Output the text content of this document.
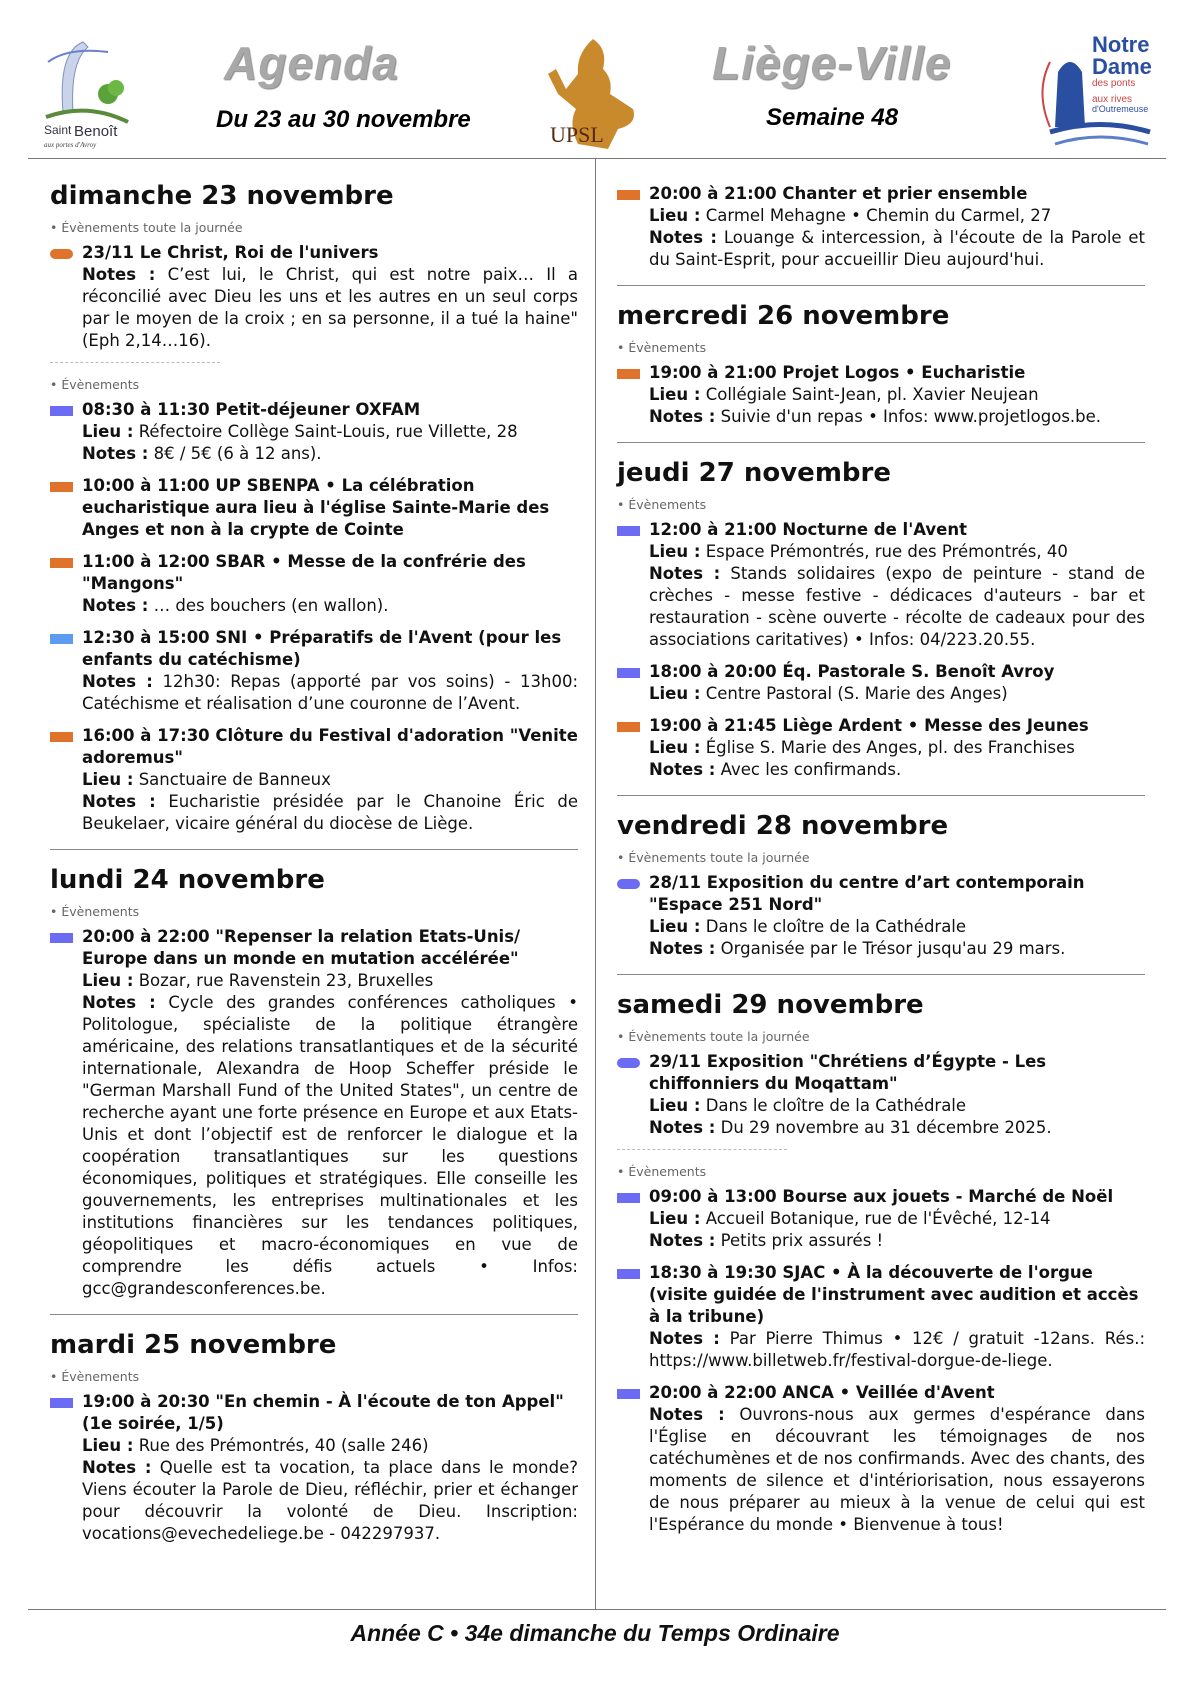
Saint Benoît
aux portes d'Avroy
Agenda
Du 23 au 30 novembre
UPSL
Liège-Ville
Semaine 48
Notre
Dame
des ponts
aux rives
d'Outremeuse
dimanche 23 novembre
• Évènements toute la journée
23/11 Le Christ, Roi de l'univers
Notes : C’est lui, le Christ, qui est notre paix… Il a réconcilié avec Dieu les uns et les autres en un seul corps par le moyen de la croix ; en sa personne, il a tué la haine" (Eph 2,14…16).
• Évènements
08:30 à 11:30 Petit-déjeuner OXFAM
Lieu : Réfectoire Collège Saint-Louis, rue Villette, 28
Notes : 8€ / 5€ (6 à 12 ans).
10:00 à 11:00 UP SBENPA • La célébration eucharistique aura lieu à l'église Sainte-Marie des Anges et non à la crypte de Cointe
11:00 à 12:00 SBAR • Messe de la confrérie des "Mangons"
Notes : … des bouchers (en wallon).
12:30 à 15:00 SNI • Préparatifs de l'Avent (pour les enfants du catéchisme)
Notes : 12h30: Repas (apporté par vos soins) - 13h00: Catéchisme et réalisation d’une couronne de l’Avent.
16:00 à 17:30 Clôture du Festival d'adoration "Venite adoremus"
Lieu : Sanctuaire de Banneux
Notes : Eucharistie présidée par le Chanoine Éric de Beukelaer, vicaire général du diocèse de Liège.
lundi 24 novembre
• Évènements
20:00 à 22:00 "Repenser la relation Etats-Unis/ Europe dans un monde en mutation accélérée"
Lieu : Bozar, rue Ravenstein 23, Bruxelles
Notes : Cycle des grandes conférences catholiques • Politologue, spécialiste de la politique étrangère américaine, des relations transatlantiques et de la sécurité internationale, Alexandra de Hoop Scheffer préside le "German Marshall Fund of the United States", un centre de recherche ayant une forte présence en Europe et aux Etats-Unis et dont l’objectif est de renforcer le dialogue et la coopération transatlantiques sur les questions économiques, politiques et stratégiques. Elle conseille les gouvernements, les entreprises multinationales et les institutions financières sur les tendances politiques, géopolitiques et macro-économiques en vue de comprendre les défis actuels • Infos: gcc@grandesconferences.be.
mardi 25 novembre
• Évènements
19:00 à 20:30 "En chemin - À l'écoute de ton Appel" (1e soirée, 1/5)
Lieu : Rue des Prémontrés, 40 (salle 246)
Notes : Quelle est ta vocation, ta place dans le monde? Viens écouter la Parole de Dieu, réfléchir, prier et échanger pour découvrir la volonté de Dieu. Inscription: vocations@evechedeliege.be - 042297937.
20:00 à 21:00 Chanter et prier ensemble
Lieu : Carmel Mehagne • Chemin du Carmel, 27
Notes : Louange & intercession, à l'écoute de la Parole et du Saint-Esprit, pour accueillir Dieu aujourd'hui.
mercredi 26 novembre
• Évènements
19:00 à 21:00 Projet Logos • Eucharistie
Lieu : Collégiale Saint-Jean, pl. Xavier Neujean
Notes : Suivie d'un repas • Infos: www.projetlogos.be.
jeudi 27 novembre
• Évènements
12:00 à 21:00 Nocturne de l'Avent
Lieu : Espace Prémontrés, rue des Prémontrés, 40
Notes : Stands solidaires (expo de peinture - stand de crèches - messe festive - dédicaces d'auteurs - bar et restauration - scène ouverte - récolte de cadeaux pour des associations caritatives) • Infos: 04/223.20.55.
18:00 à 20:00 Éq. Pastorale S. Benoît Avroy
Lieu : Centre Pastoral (S. Marie des Anges)
19:00 à 21:45 Liège Ardent • Messe des Jeunes
Lieu : Église S. Marie des Anges, pl. des Franchises
Notes : Avec les confirmands.
vendredi 28 novembre
• Évènements toute la journée
28/11 Exposition du centre d’art contemporain "Espace 251 Nord"
Lieu : Dans le cloître de la Cathédrale
Notes : Organisée par le Trésor jusqu'au 29 mars.
samedi 29 novembre
• Évènements toute la journée
29/11 Exposition "Chrétiens d’Égypte - Les chiffonniers du Moqattam"
Lieu : Dans le cloître de la Cathédrale
Notes : Du 29 novembre au 31 décembre 2025.
• Évènements
09:00 à 13:00 Bourse aux jouets - Marché de Noël
Lieu : Accueil Botanique, rue de l'Évêché, 12-14
Notes : Petits prix assurés !
18:30 à 19:30 SJAC • À la découverte de l'orgue (visite guidée de l'instrument avec audition et accès à la tribune)
Notes : Par Pierre Thimus • 12€ / gratuit -12ans. Rés.: https://www.billetweb.fr/festival-dorgue-de-liege.
20:00 à 22:00 ANCA • Veillée d'Avent
Notes : Ouvrons-nous aux germes d'espérance dans l'Église en découvrant les témoignages de nos catéchumènes et de nos confirmands. Avec des chants, des moments de silence et d'intériorisation, nous essayerons de nous préparer au mieux à la venue de celui qui est l'Espérance du monde • Bienvenue à tous!
Année C • 34e dimanche du Temps Ordinaire
